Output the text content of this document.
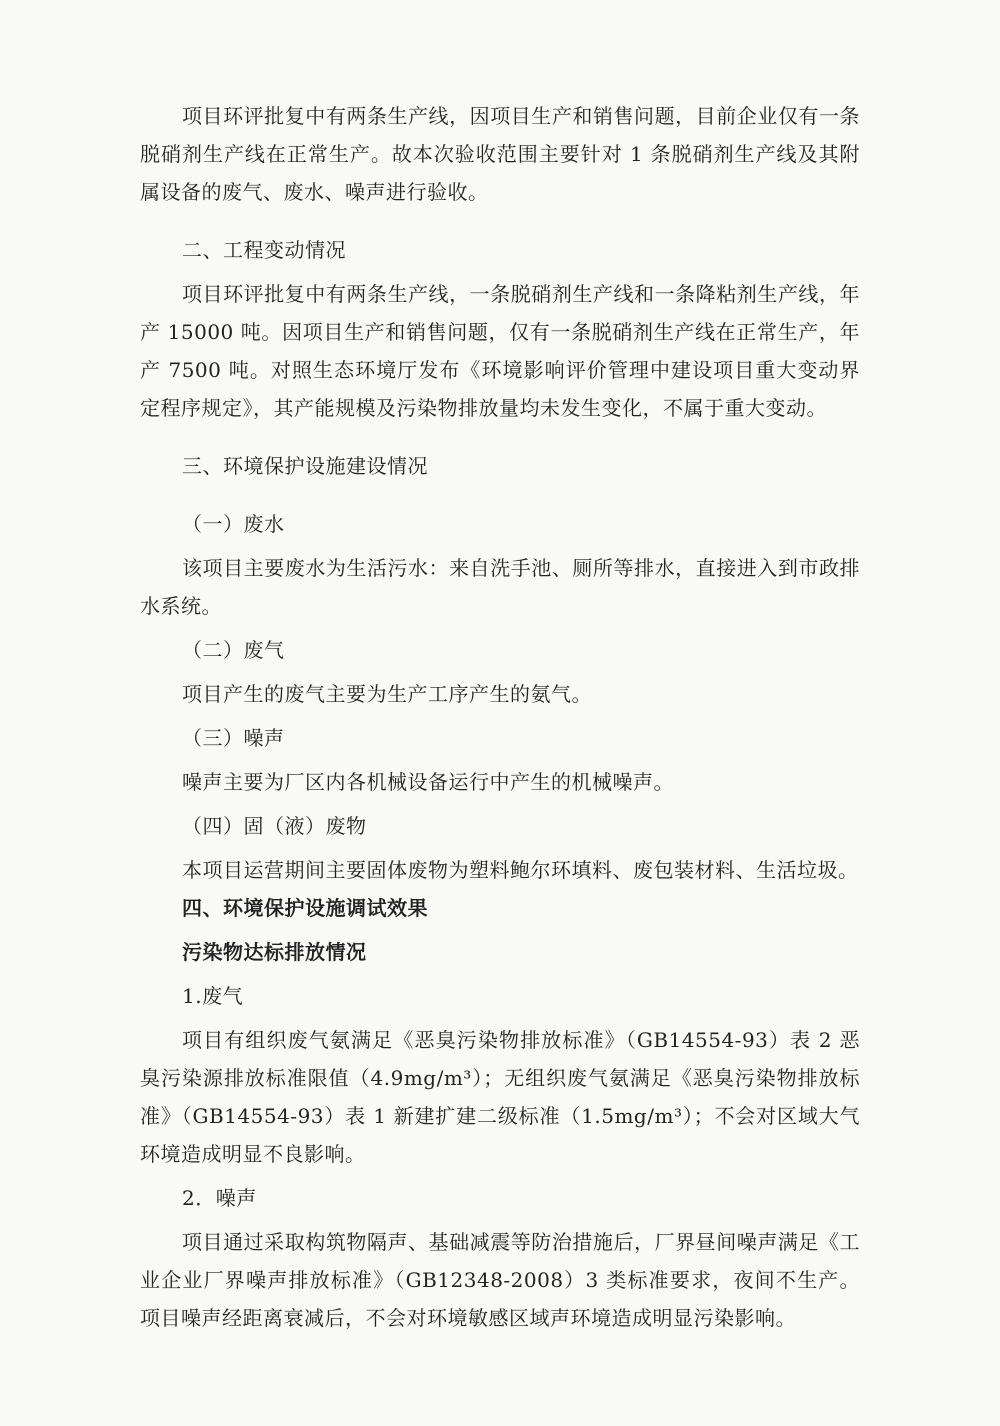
项目环评批复中有两条生产线，因项目生产和销售问题，目前企业仅有一条脱硝剂生产线在正常生产。故本次验收范围主要针对 1 条脱硝剂生产线及其附属设备的废气、废水、噪声进行验收。

二、工程变动情况

项目环评批复中有两条生产线，一条脱硝剂生产线和一条降粘剂生产线，年产 15000 吨。因项目生产和销售问题，仅有一条脱硝剂生产线在正常生产，年产 7500 吨。对照生态环境厅发布《环境影响评价管理中建设项目重大变动界定程序规定》，其产能规模及污染物排放量均未发生变化，不属于重大变动。

三、环境保护设施建设情况

（一）废水

该项目主要废水为生活污水：来自洗手池、厕所等排水，直接进入到市政排水系统。

（二）废气

项目产生的废气主要为生产工序产生的氨气。

（三）噪声

噪声主要为厂区内各机械设备运行中产生的机械噪声。

（四）固（液）废物

本项目运营期间主要固体废物为塑料鲍尔环填料、废包装材料、生活垃圾。

四、环境保护设施调试效果

污染物达标排放情况

1.废气

项目有组织废气氨满足《恶臭污染物排放标准》（GB14554-93）表 2 恶臭污染源排放标准限值（4.9mg/m³）；无组织废气氨满足《恶臭污染物排放标准》（GB14554-93）表 1 新建扩建二级标准（1.5mg/m³）；不会对区域大气环境造成明显不良影响。

2．噪声

项目通过采取构筑物隔声、基础减震等防治措施后，厂界昼间噪声满足《工业企业厂界噪声排放标准》（GB12348-2008）3 类标准要求，夜间不生产。项目噪声经距离衰减后，不会对环境敏感区域声环境造成明显污染影响。
